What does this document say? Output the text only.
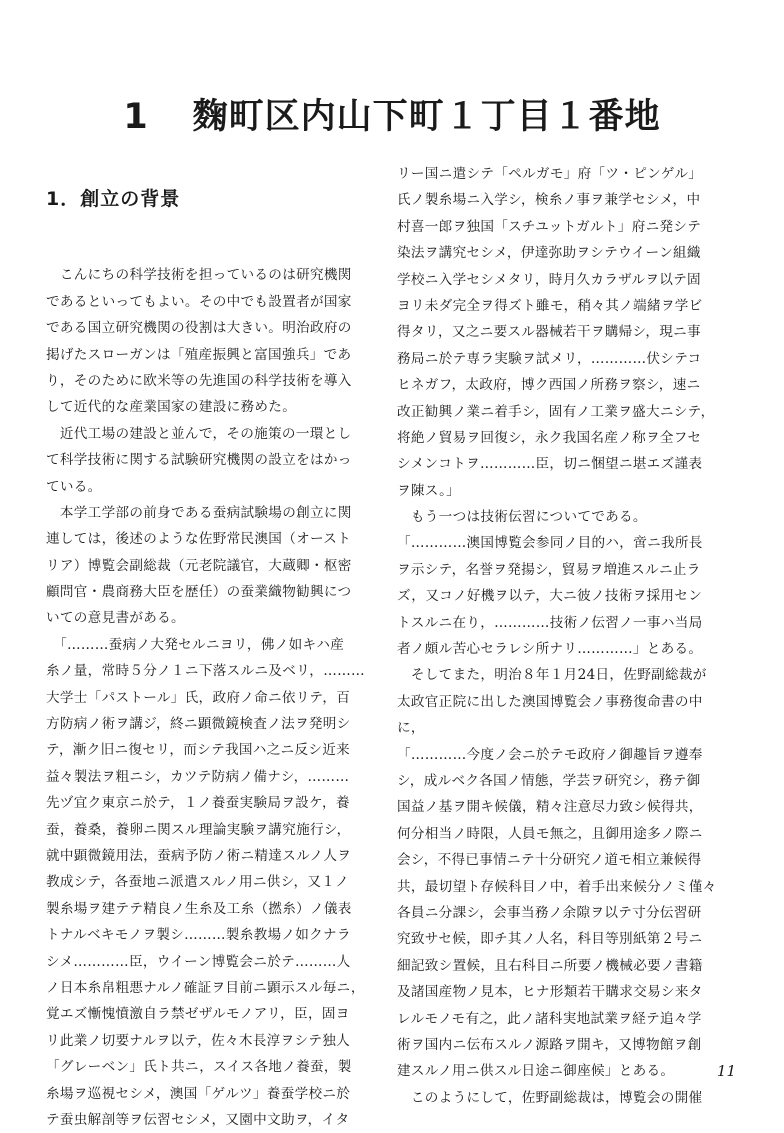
1 麴町区内山下町１丁目１番地
1．創立の背景
　こんにちの科学技術を担っているのは研究機関
であるといってもよい。その中でも設置者が国家
である国立研究機関の役割は大きい。明治政府の
掲げたスローガンは「殖産振興と富国強兵」であ
り，そのために欧米等の先進国の科学技術を導入
して近代的な産業国家の建設に務めた。
　近代工場の建設と並んで，その施策の一環とし
て科学技術に関する試験研究機関の設立をはかっ
ている。
　本学工学部の前身である蚕病試験場の創立に関
連しては，後述のような佐野常民澳国（オースト
リア）博覧会副総裁（元老院議官，大蔵卿・枢密
顧問官・農商務大臣を歴任）の蚕業織物勧興につ
いての意見書がある。
　「………蚕病ノ大発セルニヨリ，佛ノ如キハ産
糸ノ量，常時５分ノ１ニ下落スルニ及ベリ，………
大学士「パストール」氏，政府ノ命ニ依リテ，百
方防病ノ術ヲ講ジ，終ニ顕微鏡検査ノ法ヲ発明シ
テ，漸ク旧ニ復セリ，而シテ我国ハ之ニ反シ近来
益々製法ヲ粗ニシ，カツテ防病ノ備ナシ，………
先ヅ宜ク東京ニ於テ，１ノ養蚕実験局ヲ設ケ，養
蚕，養桑，養卵ニ関スル理論実験ヲ講究施行シ，
就中顕微鏡用法，蚕病予防ノ術ニ精達スルノ人ヲ
教成シテ，各蚕地ニ派遣スルノ用ニ供シ，又１ノ
製糸場ヲ建テテ精良ノ生糸及工糸（撚糸）ノ儀表
トナルベキモノヲ製シ………製糸教場ノ如クナラ
シメ…………臣，ウイーン博覧会ニ於テ………人
ノ日本糸帛粗悪ナルノ確証ヲ目前ニ顕示スル毎ニ，
覚エズ慚愧憤激自ラ禁ゼザルモノアリ，臣，固ヨ
リ此業ノ切要ナルヲ以テ，佐々木長淳ヲシテ独人
「グレーベン」氏ト共ニ，スイス各地ノ養蚕，製
糸場ヲ巡視セシメ，澳国「ゲルツ」養蚕学校ニ於
テ蚕虫解剖等ヲ伝習セシメ，又園中文助ヲ，イタ
リー国ニ遣シテ「ペルガモ」府「ツ・ピンゲル」
氏ノ製糸場ニ入学シ，検糸ノ事ヲ兼学セシメ，中
村喜一郎ヲ独国「スチユットガルト」府ニ発シテ
染法ヲ講究セシメ，伊達弥助ヲシテウイーン組織
学校ニ入学セシメタリ，時月久カラザルヲ以テ固
ヨリ未ダ完全ヲ得ズト雖モ，稍々其ノ端緒ヲ学ビ
得タリ，又之ニ要スル器械若干ヲ購帰シ，現ニ事
務局ニ於テ専ラ実験ヲ試メリ，…………伏シテコ
ヒネガフ，太政府，博ク西国ノ所務ヲ察シ，速ニ
改正勧興ノ業ニ着手シ，固有ノ工業ヲ盛大ニシテ，
将絶ノ貿易ヲ回復シ，永ク我国名産ノ称ヲ全フセ
シメンコトヲ…………臣，切ニ悃望ニ堪エズ謹表
ヲ陳ス。」
　もう一つは技術伝習についてである。
「…………澳国博覧会参同ノ目的ハ，啻ニ我所長
ヲ示シテ，名誉ヲ発揚シ，貿易ヲ増進スルニ止ラ
ズ，又コノ好機ヲ以テ，大ニ彼ノ技術ヲ採用セン
トスルニ在り，…………技術ノ伝習ノ一事ハ当局
者ノ頗ル苦心セラレシ所ナリ…………」とある。
　そしてまた，明治８年１月24日，佐野副総裁が
太政官正院に出した澳国博覧会ノ事務復命書の中
に，
「…………今度ノ会ニ於テモ政府ノ御趣旨ヲ遵奉
シ，成ルベク各国ノ情態，学芸ヲ研究シ，務テ御
国益ノ基ヲ開キ候儀，精々注意尽力致シ候得共，
何分相当ノ時限，人員モ無之，且御用途多ノ際ニ
会シ，不得已事情ニテ十分研究ノ道モ相立兼候得
共，最切望ト存候科目ノ中，着手出来候分ノミ僅々
各員ニ分課シ，会事当務ノ余隙ヲ以テ寸分伝習研
究致サセ候，即チ其ノ人名，科目等別紙第２号ニ
細記致シ置候，且右科目ニ所要ノ機械必要ノ書籍
及諸国産物ノ見本，ヒナ形類若干購求交易シ来タ
レルモノモ有之，此ノ諸科実地試業ヲ経テ追々学
術ヲ国内ニ伝布スルノ源路ヲ開キ，又博物館ヲ創
建スルノ用ニ供スル日途ニ御座候」とある。
　このようにして，佐野副総裁は，博覧会の開催
11
